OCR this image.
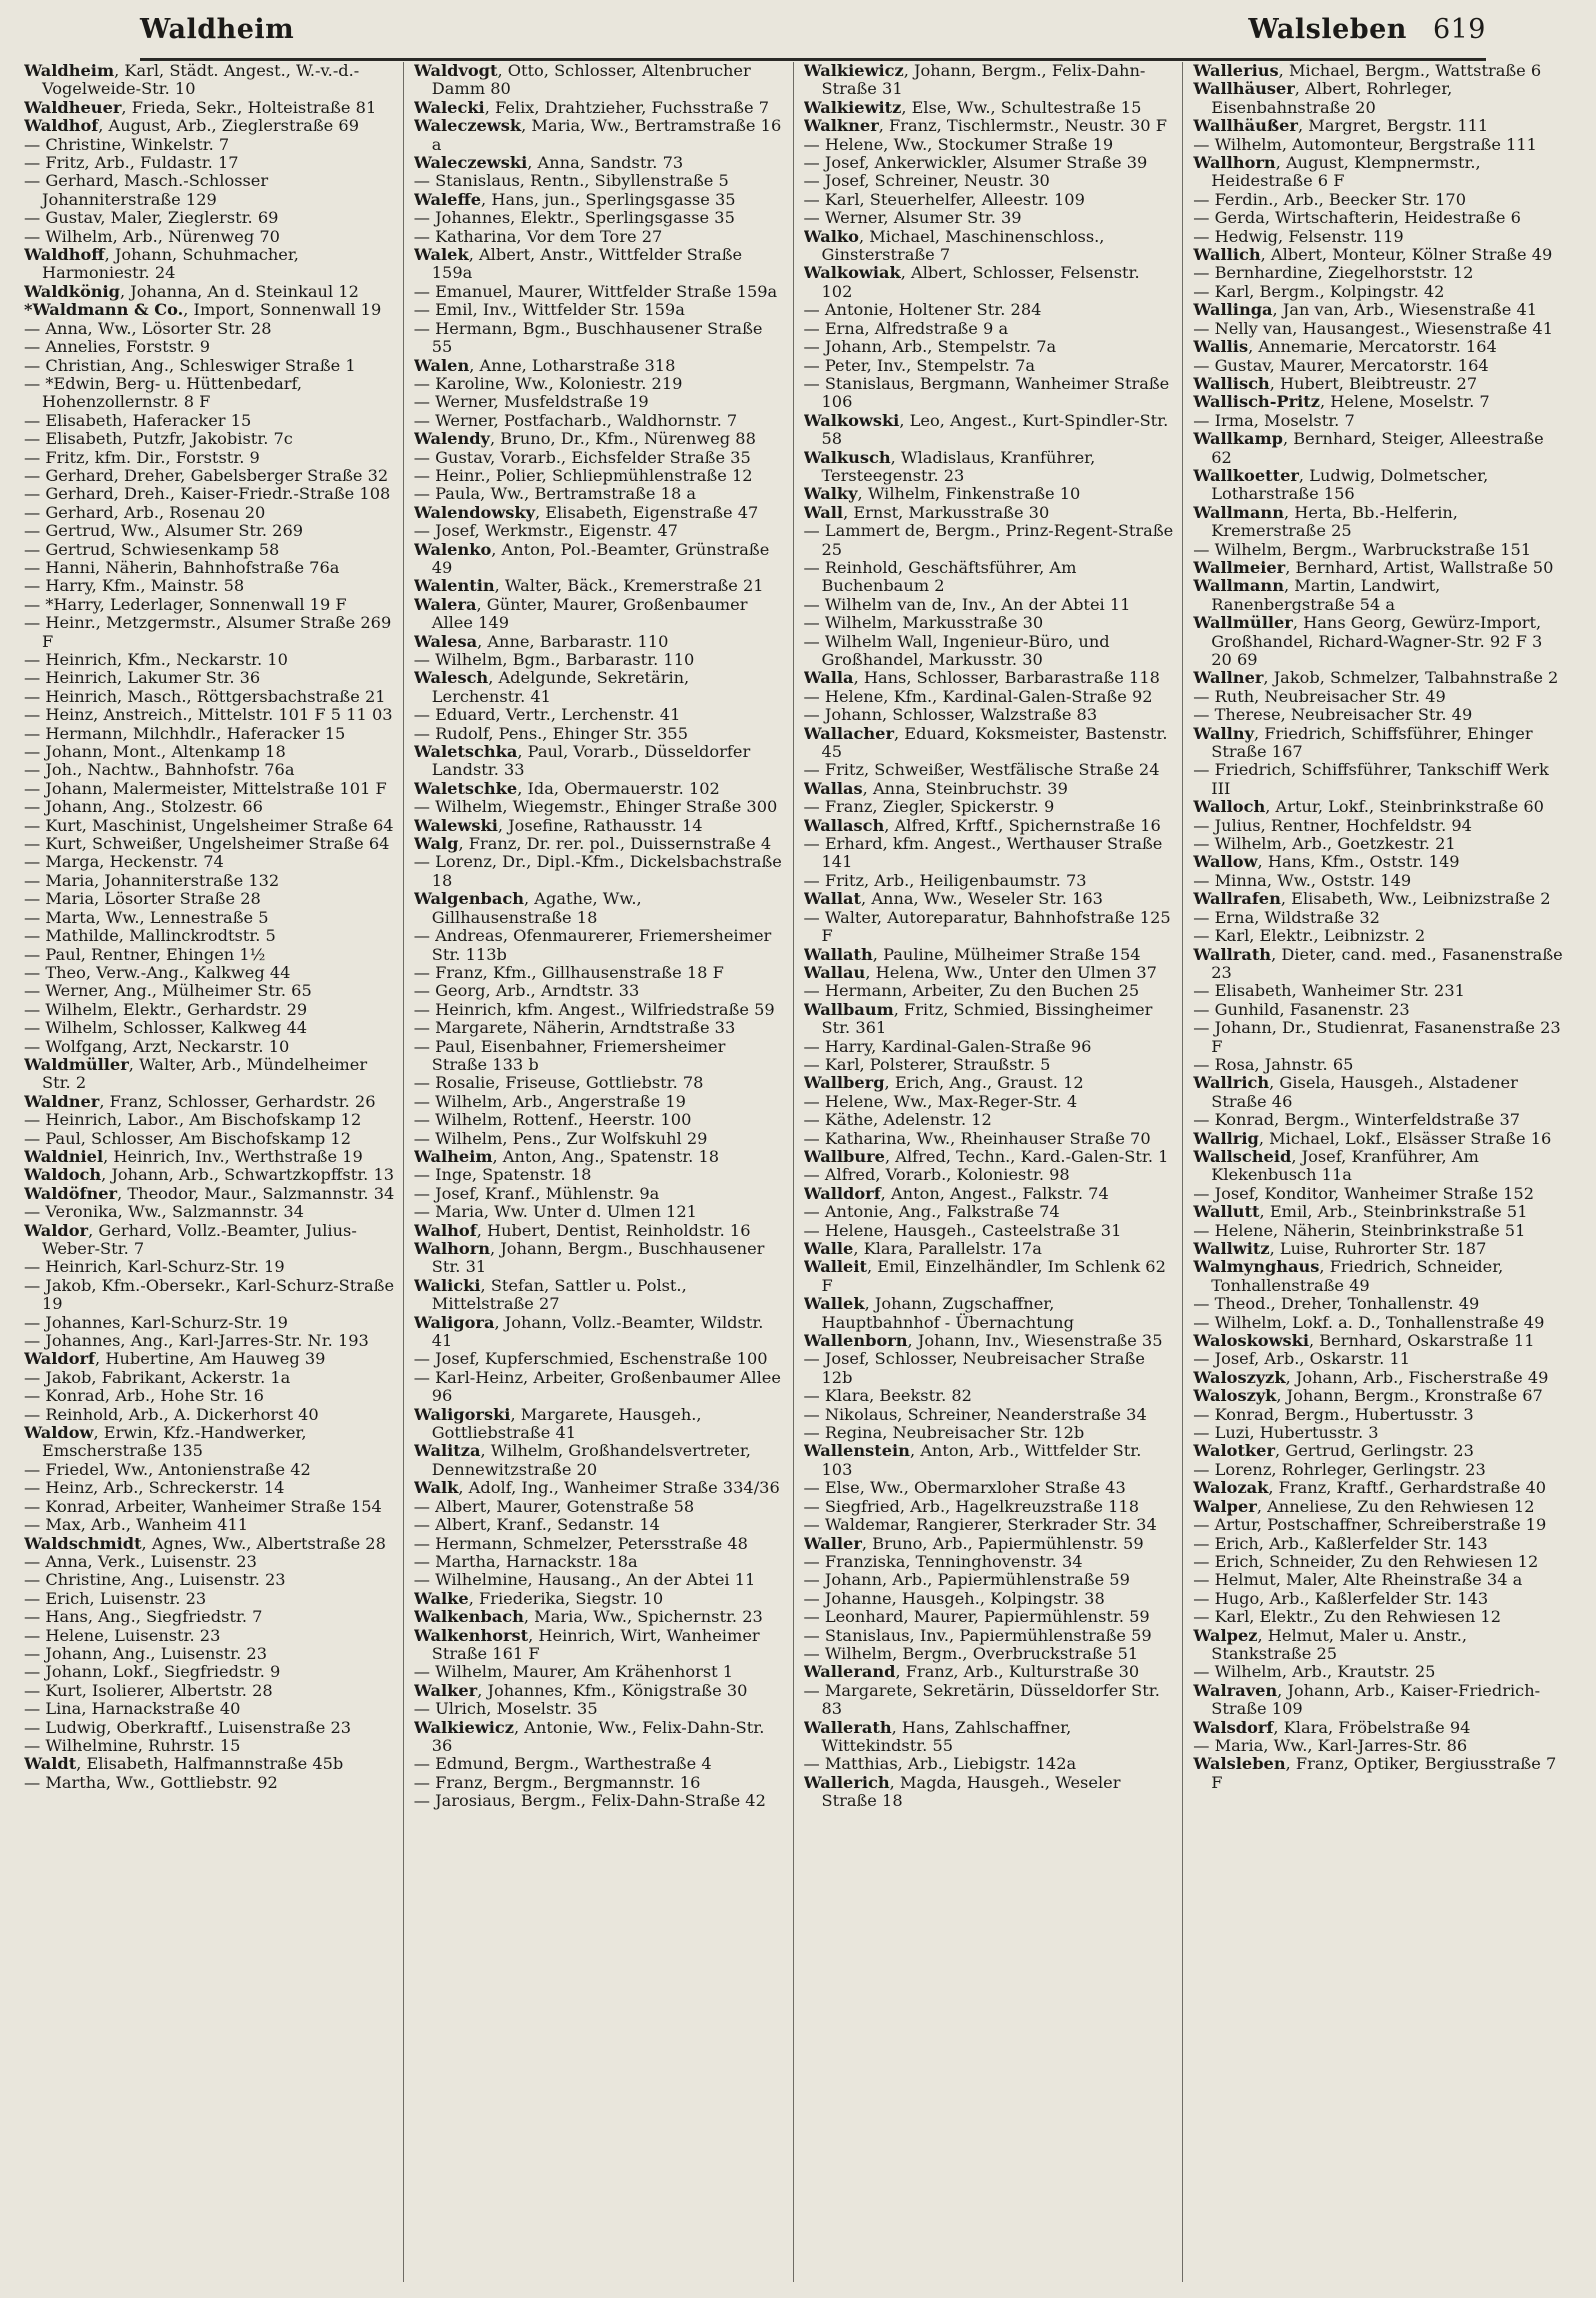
Waldheim	Walsleben 619

Waldheim, Karl, Städt. Angest., W.-v.-d.-Vogelweide-Str. 10

Waldheuer, Frieda, Sekr., Holteistraße 81

Waldhof, August, Arb., Zieglerstraße 69

— Christine, Winkelstr. 7

— Fritz, Arb., Fuldastr. 17

— Gerhard, Masch.-Schlosser Johanniterstraße 129

— Gustav, Maler, Zieglerstr. 69

— Wilhelm, Arb., Nürenweg 70

Waldhoff, Johann, Schuhmacher, Harmoniestr. 24

Waldkönig, Johanna, An d. Steinkaul 12

*Waldmann & Co., Import, Sonnenwall 19

— Anna, Ww., Lösorter Str. 28

— Annelies, Forststr. 9

— Christian, Ang., Schleswiger Straße 1

— *Edwin, Berg- u. Hüttenbedarf, Hohenzollernstr. 8 F

— Elisabeth, Haferacker 15

— Elisabeth, Putzfr, Jakobistr. 7c

— Fritz, kfm. Dir., Forststr. 9

— Gerhard, Dreher, Gabelsberger Straße 32

— Gerhard, Dreh., Kaiser-Friedr.-Straße 108

— Gerhard, Arb., Rosenau 20

— Gertrud, Ww., Alsumer Str. 269

— Gertrud, Schwiesenkamp 58

— Hanni, Näherin, Bahnhofstraße 76a

— Harry, Kfm., Mainstr. 58

— *Harry, Lederlager, Sonnenwall 19 F

— Heinr., Metzgermstr., Alsumer Straße 269 F

— Heinrich, Kfm., Neckarstr. 10

— Heinrich, Lakumer Str. 36

— Heinrich, Masch., Röttgersbachstraße 21

— Heinz, Anstreich., Mittelstr. 101 F 5 11 03

— Hermann, Milchhdlr., Haferacker 15

— Johann, Mont., Altenkamp 18

— Joh., Nachtw., Bahnhofstr. 76a

— Johann, Malermeister, Mittelstraße 101 F

— Johann, Ang., Stolzestr. 66

— Kurt, Maschinist, Ungelsheimer Straße 64

— Kurt, Schweißer, Ungelsheimer Straße 64

— Marga, Heckenstr. 74

— Maria, Johanniterstraße 132

— Maria, Lösorter Straße 28

— Marta, Ww., Lennestraße 5

— Mathilde, Mallinckrodtstr. 5

— Paul, Rentner, Ehingen 1½

— Theo, Verw.-Ang., Kalkweg 44

— Werner, Ang., Mülheimer Str. 65

— Wilhelm, Elektr., Gerhardstr. 29

— Wilhelm, Schlosser, Kalkweg 44

— Wolfgang, Arzt, Neckarstr. 10

Waldmüller, Walter, Arb., Mündelheimer Str. 2

Waldner, Franz, Schlosser, Gerhardstr. 26

— Heinrich, Labor., Am Bischofskamp 12

— Paul, Schlosser, Am Bischofskamp 12

Waldniel, Heinrich, Inv., Werthstraße 19

Waldoch, Johann, Arb., Schwartzkopffstr. 13

Waldöfner, Theodor, Maur., Salzmannstr. 34

— Veronika, Ww., Salzmannstr. 34

Waldor, Gerhard, Vollz.-Beamter, Julius-Weber-Str. 7

— Heinrich, Karl-Schurz-Str. 19

— Jakob, Kfm.-Obersekr., Karl-Schurz-Straße 19

— Johannes, Karl-Schurz-Str. 19

— Johannes, Ang., Karl-Jarres-Str. Nr. 193

Waldorf, Hubertine, Am Hauweg 39

— Jakob, Fabrikant, Ackerstr. 1a

— Konrad, Arb., Hohe Str. 16

— Reinhold, Arb., A. Dickerhorst 40

Waldow, Erwin, Kfz.-Handwerker, Emscherstraße 135

— Friedel, Ww., Antonienstraße 42

— Heinz, Arb., Schreckerstr. 14

— Konrad, Arbeiter, Wanheimer Straße 154

— Max, Arb., Wanheim 411

Waldschmidt, Agnes, Ww., Albertstraße 28

— Anna, Verk., Luisenstr. 23

— Christine, Ang., Luisenstr. 23

— Erich, Luisenstr. 23

— Hans, Ang., Siegfriedstr. 7

— Helene, Luisenstr. 23

— Johann, Ang., Luisenstr. 23

— Johann, Lokf., Siegfriedstr. 9

— Kurt, Isolierer, Albertstr. 28

— Lina, Harnackstraße 40

— Ludwig, Oberkraftf., Luisenstraße 23

— Wilhelmine, Ruhrstr. 15

Waldt, Elisabeth, Halfmannstraße 45b

— Martha, Ww., Gottliebstr. 92

Waldvogt, Otto, Schlosser, Altenbrucher Damm 80

Walecki, Felix, Drahtzieher, Fuchsstraße 7

Waleczewsk, Maria, Ww., Bertramstraße 16 a

Waleczewski, Anna, Sandstr. 73

— Stanislaus, Rentn., Sibyllenstraße 5

Waleffe, Hans, jun., Sperlingsgasse 35

— Johannes, Elektr., Sperlingsgasse 35

— Katharina, Vor dem Tore 27

Walek, Albert, Anstr., Wittfelder Straße 159a

— Emanuel, Maurer, Wittfelder Straße 159a

— Emil, Inv., Wittfelder Str. 159a

— Hermann, Bgm., Buschhausener Straße 55

Walen, Anne, Lotharstraße 318

— Karoline, Ww., Koloniestr. 219

— Werner, Musfeldstraße 19

— Werner, Postfacharb., Waldhornstr. 7

Walendy, Bruno, Dr., Kfm., Nürenweg 88

— Gustav, Vorarb., Eichsfelder Straße 35

— Heinr., Polier, Schliepmühlenstraße 12

— Paula, Ww., Bertramstraße 18 a

Walendowsky, Elisabeth, Eigenstraße 47

— Josef, Werkmstr., Eigenstr. 47

Walenko, Anton, Pol.-Beamter, Grünstraße 49

Walentin, Walter, Bäck., Kremerstraße 21

Walera, Günter, Maurer, Großenbaumer Allee 149

Walesa, Anne, Barbarastr. 110

— Wilhelm, Bgm., Barbarastr. 110

Walesch, Adelgunde, Sekretärin, Lerchenstr. 41

— Eduard, Vertr., Lerchenstr. 41

— Rudolf, Pens., Ehinger Str. 355

Waletschka, Paul, Vorarb., Düsseldorfer Landstr. 33

Waletschke, Ida, Obermauerstr. 102

— Wilhelm, Wiegemstr., Ehinger Straße 300

Walewski, Josefine, Rathausstr. 14

Walg, Franz, Dr. rer. pol., Duissernstraße 4

— Lorenz, Dr., Dipl.-Kfm., Dickelsbachstraße 18

Walgenbach, Agathe, Ww., Gillhausenstraße 18

— Andreas, Ofenmaurerer, Friemersheimer Str. 113b

— Franz, Kfm., Gillhausenstraße 18 F

— Georg, Arb., Arndtstr. 33

— Heinrich, kfm. Angest., Wilfriedstraße 59

— Margarete, Näherin, Arndtstraße 33

— Paul, Eisenbahner, Friemersheimer Straße 133 b

— Rosalie, Friseuse, Gottliebstr. 78

— Wilhelm, Arb., Angerstraße 19

— Wilhelm, Rottenf., Heerstr. 100

— Wilhelm, Pens., Zur Wolfskuhl 29

Walheim, Anton, Ang., Spatenstr. 18

— Inge, Spatenstr. 18

— Josef, Kranf., Mühlenstr. 9a

— Maria, Ww. Unter d. Ulmen 121

Walhof, Hubert, Dentist, Reinholdstr. 16

Walhorn, Johann, Bergm., Buschhausener Str. 31

Walicki, Stefan, Sattler u. Polst., Mittelstraße 27

Waligora, Johann, Vollz.-Beamter, Wildstr. 41

— Josef, Kupferschmied, Eschenstraße 100

— Karl-Heinz, Arbeiter, Großenbaumer Allee 96

Waligorski, Margarete, Hausgeh., Gottliebstraße 41

Walitza, Wilhelm, Großhandelsvertreter, Dennewitzstraße 20

Walk, Adolf, Ing., Wanheimer Straße 334/36

— Albert, Maurer, Gotenstraße 58

— Albert, Kranf., Sedanstr. 14

— Hermann, Schmelzer, Petersstraße 48

— Martha, Harnackstr. 18a

— Wilhelmine, Hausang., An der Abtei 11

Walke, Friederika, Siegstr. 10

Walkenbach, Maria, Ww., Spichernstr. 23

Walkenhorst, Heinrich, Wirt, Wanheimer Straße 161 F

— Wilhelm, Maurer, Am Krähenhorst 1

Walker, Johannes, Kfm., Königstraße 30

— Ulrich, Moselstr. 35

Walkiewicz, Antonie, Ww., Felix-Dahn-Str. 36

— Edmund, Bergm., Warthestraße 4

— Franz, Bergm., Bergmannstr. 16

— Jarosiaus, Bergm., Felix-Dahn-Straße 42

Walkiewicz, Johann, Bergm., Felix-Dahn-Straße 31

Walkiewitz, Else, Ww., Schultestraße 15

Walkner, Franz, Tischlermstr., Neustr. 30 F

— Helene, Ww., Stockumer Straße 19

— Josef, Ankerwickler, Alsumer Straße 39

— Josef, Schreiner, Neustr. 30

— Karl, Steuerhelfer, Alleestr. 109

— Werner, Alsumer Str. 39

Walko, Michael, Maschinenschloss., Ginsterstraße 7

Walkowiak, Albert, Schlosser, Felsenstr. 102

— Antonie, Holtener Str. 284

— Erna, Alfredstraße 9 a

— Johann, Arb., Stempelstr. 7a

— Peter, Inv., Stempelstr. 7a

— Stanislaus, Bergmann, Wanheimer Straße 106

Walkowski, Leo, Angest., Kurt-Spindler-Str. 58

Walkusch, Wladislaus, Kranführer, Tersteegenstr. 23

Walky, Wilhelm, Finkenstraße 10

Wall, Ernst, Markusstraße 30

— Lammert de, Bergm., Prinz-Regent-Straße 25

— Reinhold, Geschäftsführer, Am Buchenbaum 2

— Wilhelm van de, Inv., An der Abtei 11

— Wilhelm, Markusstraße 30

— Wilhelm Wall, Ingenieur-Büro, und Großhandel, Markusstr. 30

Walla, Hans, Schlosser, Barbarastraße 118

— Helene, Kfm., Kardinal-Galen-Straße 92

— Johann, Schlosser, Walzstraße 83

Wallacher, Eduard, Koksmeister, Bastenstr. 45

— Fritz, Schweißer, Westfälische Straße 24

Wallas, Anna, Steinbruchstr. 39

— Franz, Ziegler, Spickerstr. 9

Wallasch, Alfred, Krftf., Spichernstraße 16

— Erhard, kfm. Angest., Werthauser Straße 141

— Fritz, Arb., Heiligenbaumstr. 73

Wallat, Anna, Ww., Weseler Str. 163

— Walter, Autoreparatur, Bahnhofstraße 125 F

Wallath, Pauline, Mülheimer Straße 154

Wallau, Helena, Ww., Unter den Ulmen 37

— Hermann, Arbeiter, Zu den Buchen 25

Wallbaum, Fritz, Schmied, Bissingheimer Str. 361

— Harry, Kardinal-Galen-Straße 96

— Karl, Polsterer, Straußstr. 5

Wallberg, Erich, Ang., Graust. 12

— Helene, Ww., Max-Reger-Str. 4

— Käthe, Adelenstr. 12

— Katharina, Ww., Rheinhauser Straße 70

Wallbure, Alfred, Techn., Kard.-Galen-Str. 1

— Alfred, Vorarb., Koloniestr. 98

Walldorf, Anton, Angest., Falkstr. 74

— Antonie, Ang., Falkstraße 74

— Helene, Hausgeh., Casteelstraße 31

Walle, Klara, Parallelstr. 17a

Walleit, Emil, Einzelhändler, Im Schlenk 62 F

Wallek, Johann, Zugschaffner, Hauptbahnhof - Übernachtung

Wallenborn, Johann, Inv., Wiesenstraße 35

— Josef, Schlosser, Neubreisacher Straße 12b

— Klara, Beekstr. 82

— Nikolaus, Schreiner, Neanderstraße 34

— Regina, Neubreisacher Str. 12b

Wallenstein, Anton, Arb., Wittfelder Str. 103

— Else, Ww., Obermarxloher Straße 43

— Siegfried, Arb., Hagelkreuzstraße 118

— Waldemar, Rangierer, Sterkrader Str. 34

Waller, Bruno, Arb., Papiermühlenstr. 59

— Franziska, Tenninghovenstr. 34

— Johann, Arb., Papiermühlenstraße 59

— Johanne, Hausgeh., Kolpingstr. 38

— Leonhard, Maurer, Papiermühlenstr. 59

— Stanislaus, Inv., Papiermühlenstraße 59

— Wilhelm, Bergm., Overbruckstraße 51

Wallerand, Franz, Arb., Kulturstraße 30

— Margarete, Sekretärin, Düsseldorfer Str. 83

Wallerath, Hans, Zahlschaffner, Wittekindstr. 55

— Matthias, Arb., Liebigstr. 142a

Wallerich, Magda, Hausgeh., Weseler Straße 18

Wallerius, Michael, Bergm., Wattstraße 6

Wallhäuser, Albert, Rohrleger, Eisenbahnstraße 20

Wallhäußer, Margret, Bergstr. 111

— Wilhelm, Automonteur, Bergstraße 111

Wallhorn, August, Klempnermstr., Heidestraße 6 F

— Ferdin., Arb., Beecker Str. 170

— Gerda, Wirtschafterin, Heidestraße 6

— Hedwig, Felsenstr. 119

Wallich, Albert, Monteur, Kölner Straße 49

— Bernhardine, Ziegelhorststr. 12

— Karl, Bergm., Kolpingstr. 42

Wallinga, Jan van, Arb., Wiesenstraße 41

— Nelly van, Hausangest., Wiesenstraße 41

Wallis, Annemarie, Mercatorstr. 164

— Gustav, Maurer, Mercatorstr. 164

Wallisch, Hubert, Bleibtreustr. 27

Wallisch-Pritz, Helene, Moselstr. 7

— Irma, Moselstr. 7

Wallkamp, Bernhard, Steiger, Alleestraße 62

Wallkoetter, Ludwig, Dolmetscher, Lotharstraße 156

Wallmann, Herta, Bb.-Helferin, Kremerstraße 25

— Wilhelm, Bergm., Warbruckstraße 151

Wallmeier, Bernhard, Artist, Wallstraße 50

Wallmann, Martin, Landwirt, Ranenbergstraße 54 a

Wallmüller, Hans Georg, Gewürz-Import, Großhandel, Richard-Wagner-Str. 92 F 3 20 69

Wallner, Jakob, Schmelzer, Talbahnstraße 2

— Ruth, Neubreisacher Str. 49

— Therese, Neubreisacher Str. 49

Wallny, Friedrich, Schiffsführer, Ehinger Straße 167

— Friedrich, Schiffsführer, Tankschiff Werk III

Walloch, Artur, Lokf., Steinbrinkstraße 60

— Julius, Rentner, Hochfeldstr. 94

— Wilhelm, Arb., Goetzkestr. 21

Wallow, Hans, Kfm., Oststr. 149

— Minna, Ww., Oststr. 149

Wallrafen, Elisabeth, Ww., Leibnizstraße 2

— Erna, Wildstraße 32

— Karl, Elektr., Leibnizstr. 2

Wallrath, Dieter, cand. med., Fasanenstraße 23

— Elisabeth, Wanheimer Str. 231

— Gunhild, Fasanenstr. 23

— Johann, Dr., Studienrat, Fasanenstraße 23 F

— Rosa, Jahnstr. 65

Wallrich, Gisela, Hausgeh., Alstadener Straße 46

— Konrad, Bergm., Winterfeldstraße 37

Wallrig, Michael, Lokf., Elsässer Straße 16

Wallscheid, Josef, Kranführer, Am Klekenbusch 11a

— Josef, Konditor, Wanheimer Straße 152

Wallutt, Emil, Arb., Steinbrinkstraße 51

— Helene, Näherin, Steinbrinkstraße 51

Wallwitz, Luise, Ruhrorter Str. 187

Walmynghaus, Friedrich, Schneider, Tonhallenstraße 49

— Theod., Dreher, Tonhallenstr. 49

— Wilhelm, Lokf. a. D., Tonhallenstraße 49

Waloskowski, Bernhard, Oskarstraße 11

— Josef, Arb., Oskarstr. 11

Waloszyzk, Johann, Arb., Fischerstraße 49

Waloszyk, Johann, Bergm., Kronstraße 67

— Konrad, Bergm., Hubertusstr. 3

— Luzi, Hubertusstr. 3

Walotker, Gertrud, Gerlingstr. 23

— Lorenz, Rohrleger, Gerlingstr. 23

Walozak, Franz, Kraftf., Gerhardstraße 40

Walper, Anneliese, Zu den Rehwiesen 12

— Artur, Postschaffner, Schreiberstraße 19

— Erich, Arb., Kaßlerfelder Str. 143

— Erich, Schneider, Zu den Rehwiesen 12

— Helmut, Maler, Alte Rheinstraße 34 a

— Hugo, Arb., Kaßlerfelder Str. 143

— Karl, Elektr., Zu den Rehwiesen 12

Walpez, Helmut, Maler u. Anstr., Stankstraße 25

— Wilhelm, Arb., Krautstr. 25

Walraven, Johann, Arb., Kaiser-Friedrich-Straße 109

Walsdorf, Klara, Fröbelstraße 94

— Maria, Ww., Karl-Jarres-Str. 86

Walsleben, Franz, Optiker, Bergiusstraße 7 F
